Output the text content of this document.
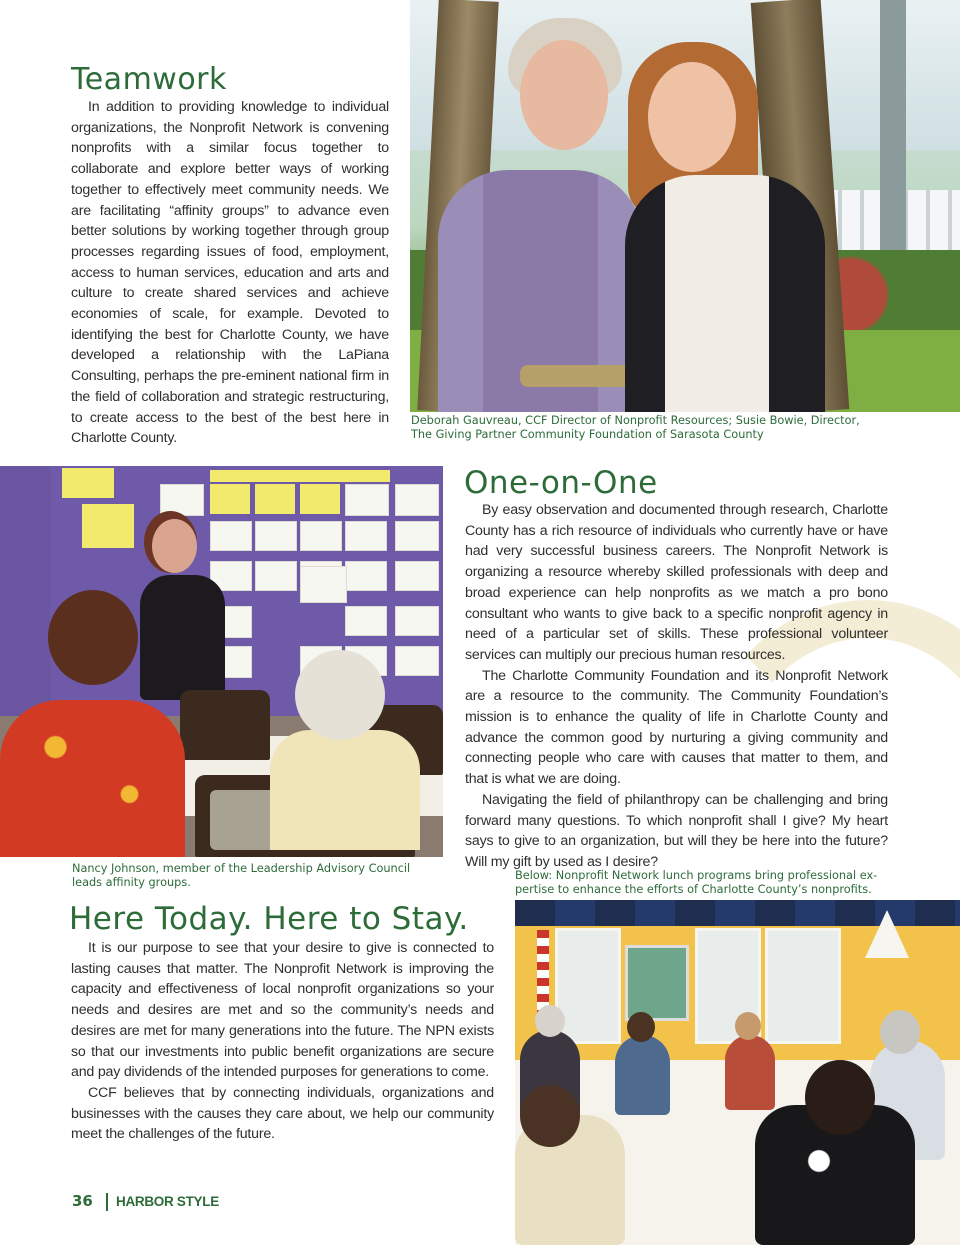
Teamwork

In addition to providing knowledge to individual organizations, the Nonprofit Network is convening nonprofits with a similar focus together to collaborate and explore better ways of working together to effectively meet community needs. We are facilitating “affinity groups” to advance even better solutions by working together through group processes regarding issues of food, employment, access to human services, education and arts and culture to create shared services and achieve economies of scale, for example. Devoted to identifying the best for Charlotte County, we have developed a relationship with the LaPiana Consulting, perhaps the pre-eminent national firm in the field of collaboration and strategic restructuring, to create access to the best of the best here in Charlotte County.

Deborah Gauvreau, CCF Director of Nonprofit Resources; Susie Bowie, Director,
The Giving Partner Community Foundation of Sarasota County
Nancy Johnson, member of the Leadership Advisory Council
leads affinity groups.
One-on-One

By easy observation and documented through research, Charlotte County has a rich resource of individuals who currently have or have had very successful business careers. The Nonprofit Network is organizing a resource whereby skilled professionals with deep and broad experience can help nonprofits as we match a pro bono consultant who wants to give back to a specific nonprofit agency in need of a particular set of skills. These professional volunteer services can multiply our precious human resources.

The Charlotte Community Foundation and its Nonprofit Network are a resource to the community. The Community Foundation’s mission is to enhance the quality of life in Charlotte County and advance the common good by nurturing a giving community and connecting people who care with causes that matter to them, and that is what we are doing.

Navigating the field of philanthropy can be challenging and bring forward many questions. To which nonprofit shall I give? My heart says to give to an organization, but will they be here into the future? Will my gift by used as I desire?

Below: Nonprofit Network lunch programs bring professional ex-
pertise to enhance the efforts of Charlotte County’s nonprofits.
Here Today. Here to Stay.

It is our purpose to see that your desire to give is connected to lasting causes that matter. The Nonprofit Network is improving the capacity and effectiveness of local nonprofit organizations so your needs and desires are met and so the community’s needs and desires are met for many generations into the future. The NPN exists so that our investments into public benefit organizations are secure and pay dividends of the intended purposes for generations to come.

CCF believes that by connecting individuals, organizations and businesses with the causes they care about, we help our community meet the challenges of the future.

36 HARBOR STYLE
